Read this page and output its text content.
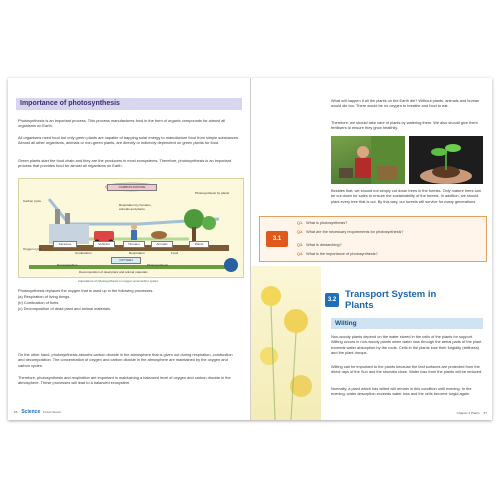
Importance of photosynthesis
Photosynthesis is an important process. This process manufactures food in the form of organic compounds for almost all organisms on Earth.
All organisms need food but only green plants are capable of trapping solar energy to manufacture food from simple substances. Almost all other organisms, animals or non-green plants, are directly or indirectly dependent on green plants for food.
Green plants start the food chain and they are the producers in most ecosystems. Therefore, photosynthesis is an important process that provides food for almost all organisms on Earth.
CARBON DIOXIDE
Carbon cycle
Photosynthesis by plants
Respiration by humans, animals and plants
Factories	Vehicles	Humans	Animals	Plants
Combustion	Respiration	Food
Oxygen cycle
OXYGEN
Decomposition	Photosynthesis
Decomposition of dead plant and animal materials
Importance of photosynthesis in oxygen and carbon cycles
Photosynthesis replaces the oxygen that is used up in the following processes.
(a) Respiration of living things.
(b) Combustion of fuels.
(c) Decomposition of dead plant and animal materials.
On the other hand, photosynthesis absorbs carbon dioxide in the atmosphere that is given out during respiration, combustion and decomposition. The concentration of oxygen and carbon dioxide in the atmosphere are maintained by the oxygen and carbon cycles.
Therefore, photosynthesis and respiration are important in maintaining a balanced level of oxygen and carbon dioxide in the atmosphere. These processes will lead to a balanced ecosystem.
56 Science Focus Smart
What will happen if all the plants on the Earth die? Without plants, animals and human would die too. There would be no oxygen to breathe and food to eat.
Therefore, we should take care of plants by watering them. We also should give them fertilisers to ensure they grow healthily.
Besides that, we should not simply cut down trees in the forests. Only mature trees can be cut down for sales to ensure the sustainability of the forests. In addition, we should plant every tree that is cut. By this way, our forests will survive for many generations.
3.1
Q1. What is photosynthesis?
Q2. What are the necessary requirements for photosynthesis?
Q3. What is destarching?
Q4. What is the importance of photosynthesis?
3.2 Transport System in Plants
Wilting
Non-woody plants depend on the water stored in the cells of the plants for support. Wilting occurs in non-woody plants when water loss through the aerial parts of the plant exceeds water absorption by the roots. Cells in the plants lose their turgidity (stiffness) and the plant droops.
Wilting can be important to the plants because the leaf surfaces are protected from the direct rays of the Sun and the stomata close. Water loss from the plants will be reduced.
Normally, a plant which has wilted will remain in this condition until evening. In the evening, water absorption exceeds water loss and the cells become turgid again.
Chapter 3 Plants 57
